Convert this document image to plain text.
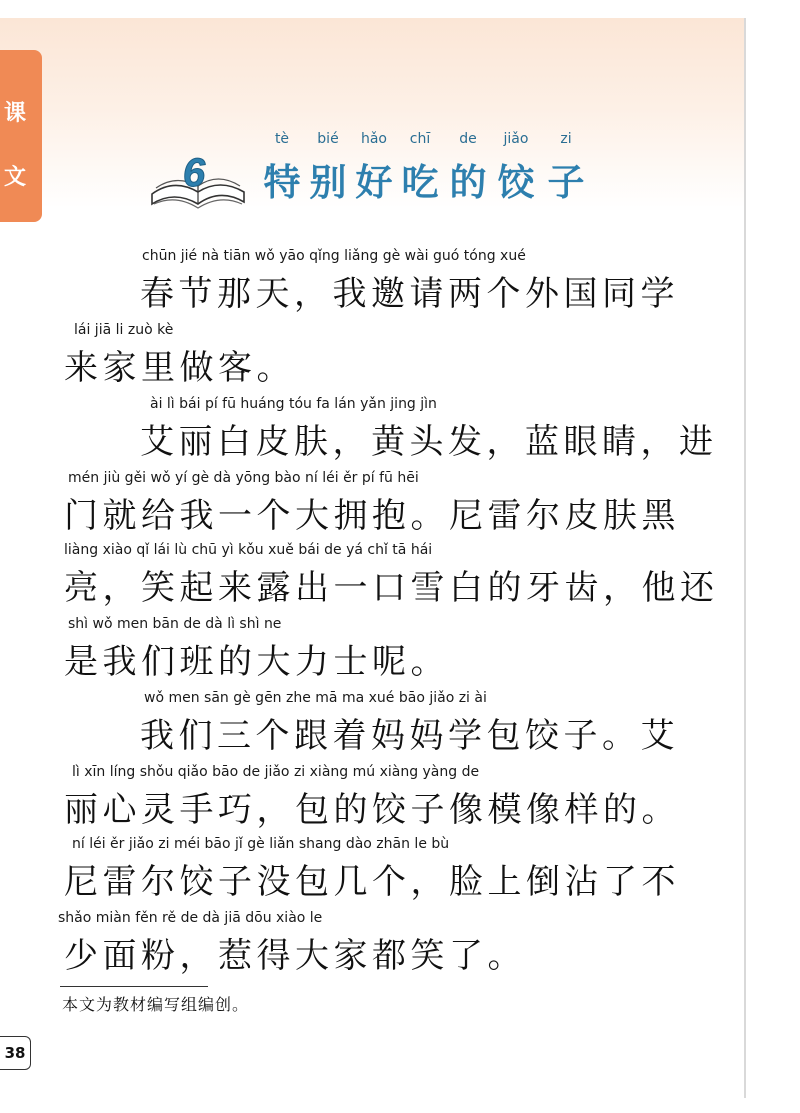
课
文	6
tè	bié	hǎo	chī	de	jiǎo	zi
特 别 好 吃 的 饺 子
chūn jié nà tiān wǒ yāo qǐng liǎng gè wài guó tóng xué
春节那天，我邀请两个外国同学
lái jiā li zuò kè
来家里做客。
ài lì bái pí fū huáng tóu fa lán yǎn jing jìn
艾丽白皮肤，黄头发，蓝眼睛，进
mén jiù gěi wǒ yí gè dà yōng bào ní léi ěr pí fū hēi
门就给我一个大拥抱。尼雷尔皮肤黑
liàng xiào qǐ lái lù chū yì kǒu xuě bái de yá chǐ tā hái
亮，笑起来露出一口雪白的牙齿，他还
shì wǒ men bān de dà lì shì ne
是我们班的大力士呢。
wǒ men sān gè gēn zhe mā ma xué bāo jiǎo zi ài
我们三个跟着妈妈学包饺子。艾
lì xīn líng shǒu qiǎo bāo de jiǎo zi xiàng mú xiàng yàng de
丽心灵手巧，包的饺子像模像样的。
ní léi ěr jiǎo zi méi bāo jǐ gè liǎn shang dào zhān le bù
尼雷尔饺子没包几个，脸上倒沾了不
shǎo miàn fěn rě de dà jiā dōu xiào le
少面粉，惹得大家都笑了。
本文为教材编写组编创。
38
